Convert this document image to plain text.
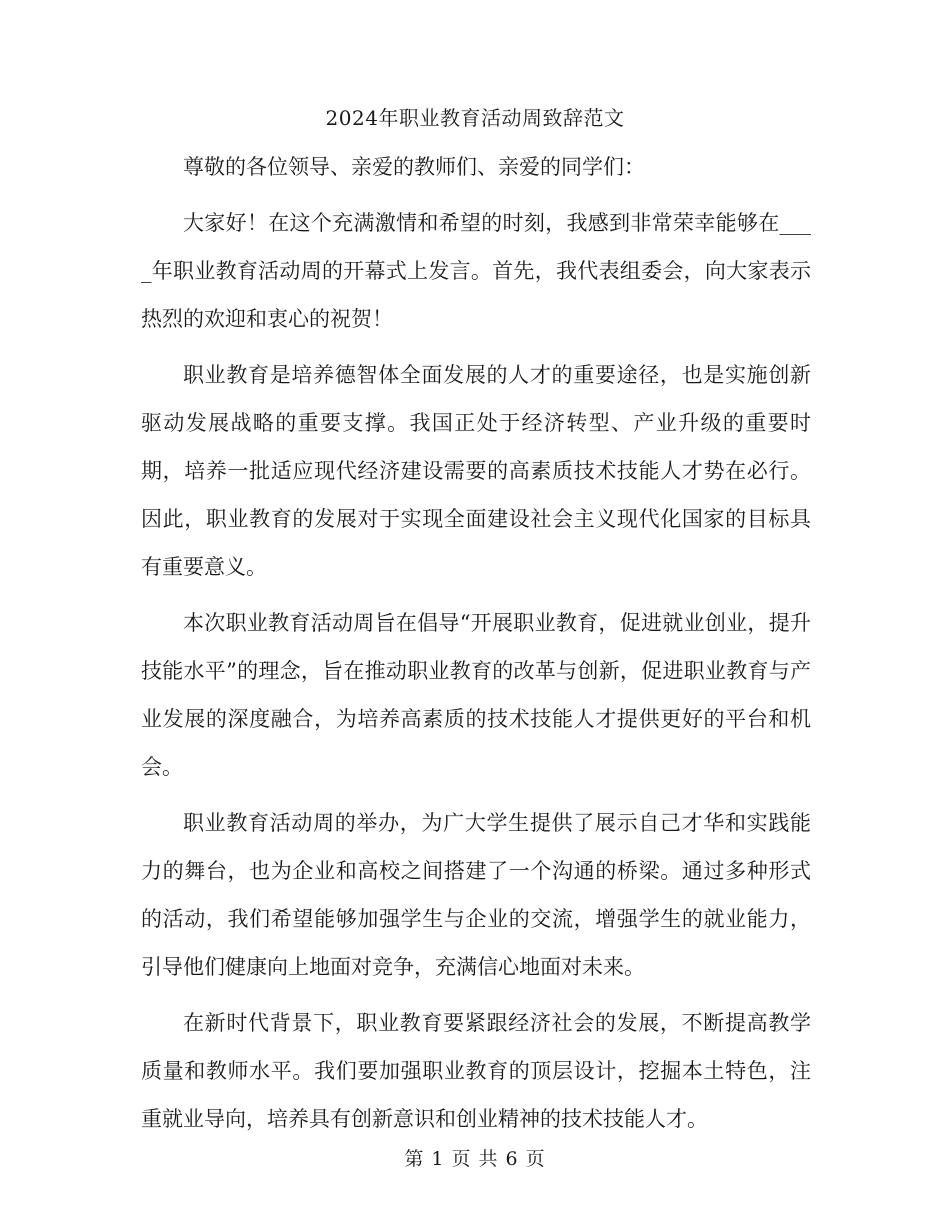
2024年职业教育活动周致辞范文

尊敬的各位领导、亲爱的教师们、亲爱的同学们：

大家好！在这个充满激情和希望的时刻，我感到非常荣幸能够在____年职业教育活动周的开幕式上发言。首先，我代表组委会，向大家表示热烈的欢迎和衷心的祝贺！

职业教育是培养德智体全面发展的人才的重要途径，也是实施创新驱动发展战略的重要支撑。我国正处于经济转型、产业升级的重要时期，培养一批适应现代经济建设需要的高素质技术技能人才势在必行。因此，职业教育的发展对于实现全面建设社会主义现代化国家的目标具有重要意义。

本次职业教育活动周旨在倡导“开展职业教育，促进就业创业，提升技能水平”的理念，旨在推动职业教育的改革与创新，促进职业教育与产业发展的深度融合，为培养高素质的技术技能人才提供更好的平台和机会。

职业教育活动周的举办，为广大学生提供了展示自己才华和实践能力的舞台，也为企业和高校之间搭建了一个沟通的桥梁。通过多种形式的活动，我们希望能够加强学生与企业的交流，增强学生的就业能力，引导他们健康向上地面对竞争，充满信心地面对未来。

在新时代背景下，职业教育要紧跟经济社会的发展，不断提高教学质量和教师水平。我们要加强职业教育的顶层设计，挖掘本土特色，注重就业导向，培养具有创新意识和创业精神的技术技能人才。

第 1 页 共 6 页
